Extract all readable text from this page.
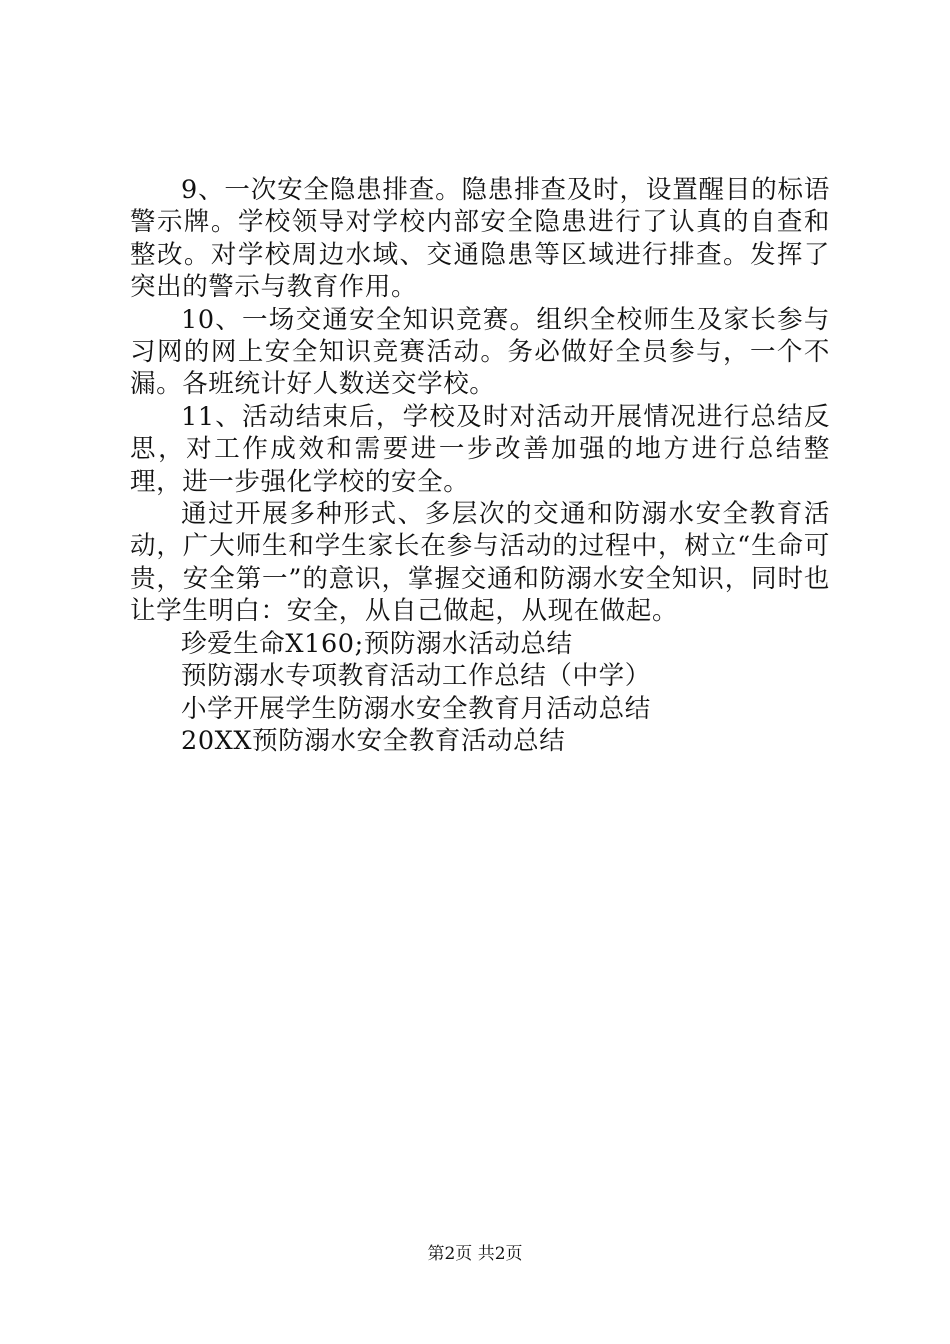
9、一次安全隐患排查。隐患排查及时，设置醒目的标语警示牌。学校领导对学校内部安全隐患进行了认真的自查和整改。对学校周边水域、交通隐患等区域进行排查。发挥了突出的警示与教育作用。

10、一场交通安全知识竞赛。组织全校师生及家长参与习网的网上安全知识竞赛活动。务必做好全员参与，一个不漏。各班统计好人数送交学校。

11、活动结束后，学校及时对活动开展情况进行总结反思，对工作成效和需要进一步改善加强的地方进行总结整理，进一步强化学校的安全。

通过开展多种形式、多层次的交通和防溺水安全教育活动，广大师生和学生家长在参与活动的过程中，树立“生命可贵，安全第一”的意识，掌握交通和防溺水安全知识，同时也让学生明白：安全，从自己做起，从现在做起。

珍爱生命X160;预防溺水活动总结

预防溺水专项教育活动工作总结（中学）

小学开展学生防溺水安全教育月活动总结

20XX预防溺水安全教育活动总结

第2页 共2页
